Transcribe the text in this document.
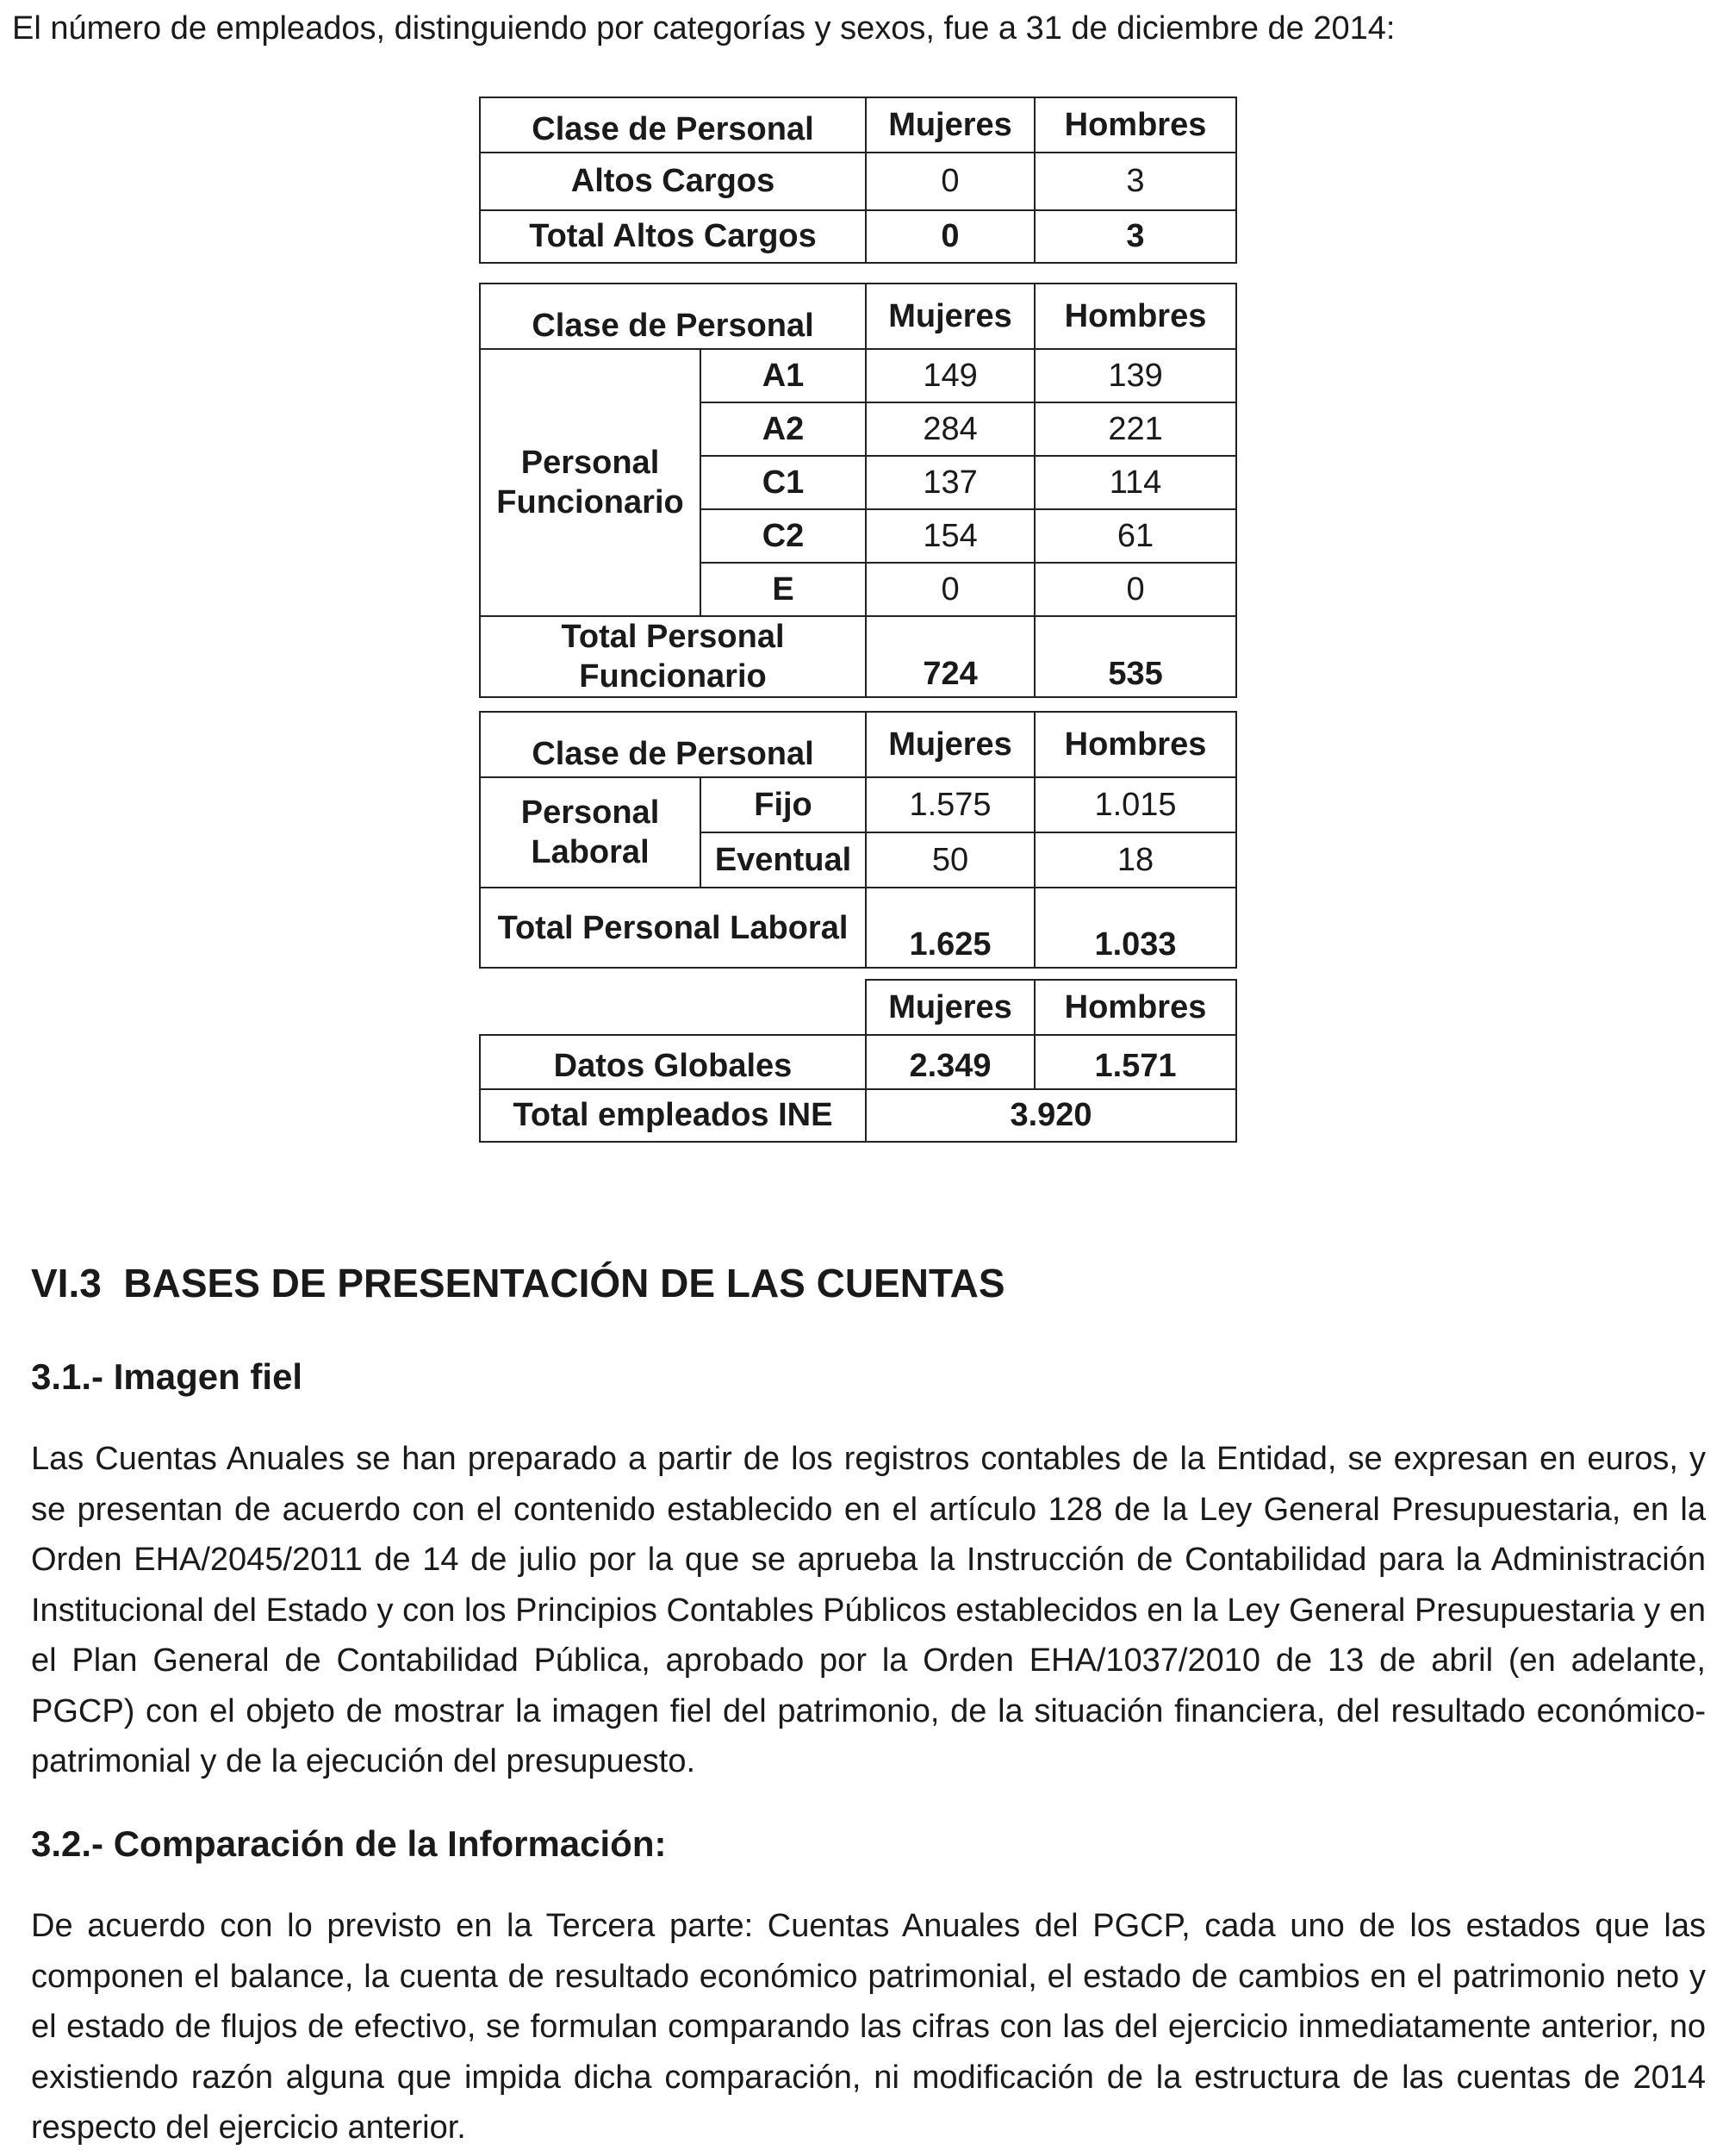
El número de empleados, distinguiendo por categorías y sexos, fue a 31 de diciembre de 2014:
Clase de Personal	Mujeres	Hombres
Altos Cargos	0	3
Total Altos Cargos	0	3
Clase de Personal		Mujeres	Hombres
Personal Funcionario	A1	149	139
	A2	284	221
	C1	137	114
	C2	154	61
	E	0	0
Total Personal Funcionario		724	535
Clase de Personal		Mujeres	Hombres
Personal Laboral	Fijo	1.575	1.015
	Eventual	50	18
Total Personal Laboral		1.625	1.033
	Mujeres	Hombres
Datos Globales	2.349	1.571
Total empleados INE	3.920	
VI.3  BASES DE PRESENTACIÓN DE LAS CUENTAS
3.1.- Imagen fiel

Las Cuentas Anuales se han preparado a partir de los registros contables de la Entidad, se expresan en euros, y se presentan de acuerdo con el contenido establecido en el artículo 128 de la Ley General Presupuestaria, en la Orden EHA/2045/2011 de 14 de julio por la que se aprueba la Instrucción de Contabilidad para la Administración Institucional del Estado y con los Principios Contables Públicos establecidos en la Ley General Presupuestaria y en el Plan General de Contabilidad Pública, aprobado por la Orden EHA/1037/2010 de 13 de abril (en adelante, PGCP) con el objeto de mostrar la imagen fiel del patrimonio, de la situación financiera, del resultado económico-patrimonial y de la ejecución del presupuesto.

3.2.- Comparación de la Información:

De acuerdo con lo previsto en la Tercera parte: Cuentas Anuales del PGCP, cada uno de los estados que las componen el balance, la cuenta de resultado económico patrimonial, el estado de cambios en el patrimonio neto y el estado de flujos de efectivo, se formulan comparando las cifras con las del ejercicio inmediatamente anterior, no existiendo razón alguna que impida dicha comparación, ni modificación de la estructura de las cuentas de 2014 respecto del ejercicio anterior.
